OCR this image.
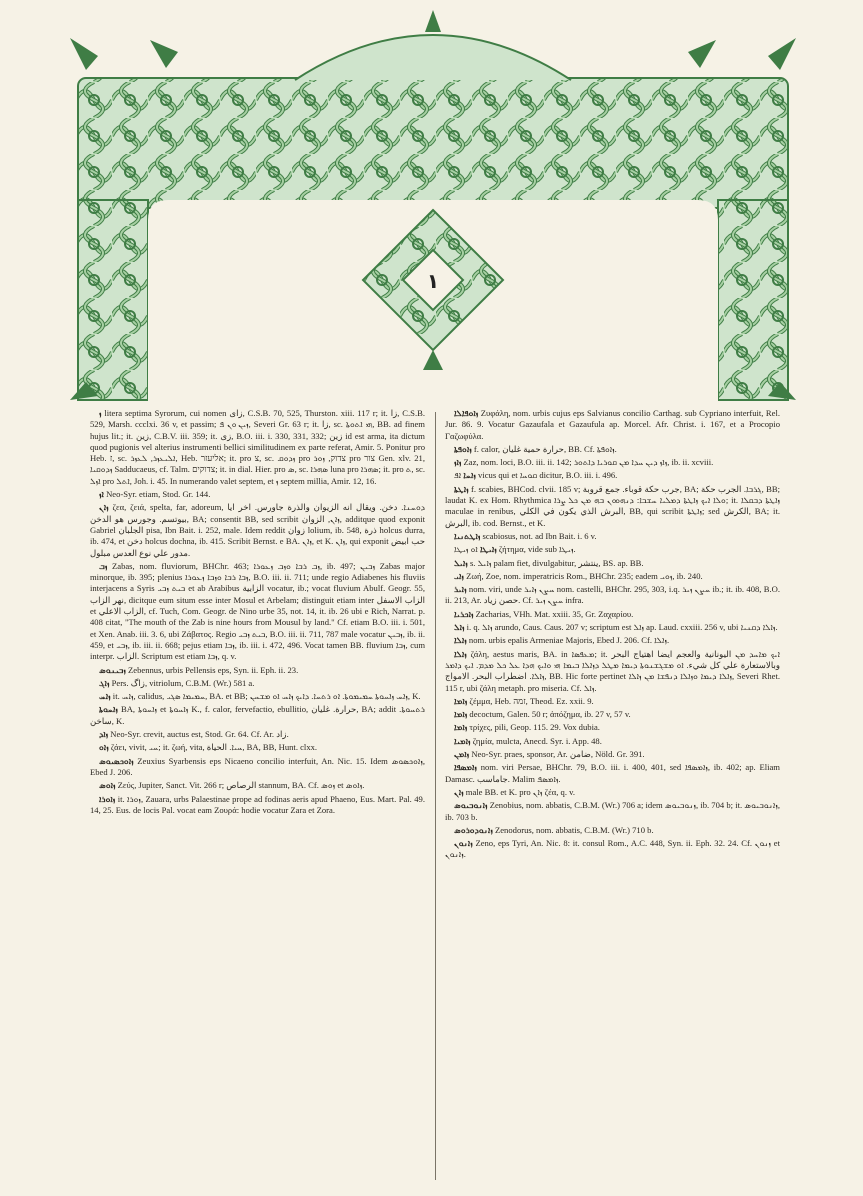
١

ܙ litera septima Syrorum, cui nomen زاى, C.S.B. 70, 525, Thurston. xiii. 117 r; it. زا, C.S.B. 529, Marsh. ccclxi. 36 v, et passim; ܙܝܢ ܘܢ ܦ, Severi Gr. 63 r; it. زا, sc. ܗܝ ܐܬܘܬܐ, BB. ad finem hujus lit.; it. زين, C.B.V. iii. 359; it. زى, B.O. iii. i. 330, 331, 332; زين id est arma, ita dictum quod pugionis vel alterius instrumenti bellici similitudinem ex parte referat, Amir. 5. Ponitur pro Heb. ז, sc. ܐܠܝܥܙܪ, ܠܥܙܪ, Heb. אליעזר; it. pro צ, sc. ܙܕܘܩ pro צדוק, ܙܘܪ pro צור Gen. xlv. 21, ܙܕܘܩܝܐ Sadducaeus, cf. Talm. צדוקים; it. in dial. Hier. pro ܣ, sc. ܣܗܪܐ luna pro ܣܗܪܐ; it. pro ܬ, sc. ܐܙܠ pro ܐܬܠ, Joh. i. 45. In numerando valet septem, et ܙ septem millia, Amir. 12, 16.

ܐܙ Neo-Syr. etiam, Stod. Gr. 144.

ܙܐܢ ζεα, ζειά, spelta, far, adoreum, ܕܘܚܢܐ. دخن. ويقال انه الزيوان والذرة جاورس. اخر ايا بيوتسم. وجورس هو الدخن, BA; consentit BB, sed scribit ܙܐܢ, الزوان, additque quod exponit Gabriel الجلبان pisa, Ibn Bait. i. 252, male. Idem reddit زوان lolium, ib. 548, ذرة holcus durra, ib. 474, et دخن holcus dochna, ib. 415. Scribit Bernst. e BA. ܙܐܢ, et K. ܙܐܢ, qui exponit حب ابيض مدور علي نوع العدس مبلول.

ܙܒ Zabas, nom. fluviorum, BHChr. 463; ܙܒ ܪܒܐ ܘܙܒ ܙܥܘܪܐ, ib. 497; ܙܒܝܢ Zabas major minorque, ib. 395; plenius ܙܒܐ ܪܒܐ ܘܙܒܐ ܙܥܘܪܐ, B.O. iii. ii. 711; unde regio Adiabenes his fluviis interjacens a Syris ܒܝܬ ܙܒܝ et ab Arabibus الزابية vocatur, ib.; vocat fluvium Abulf. Geogr. 55, نهر الزاب, dicitque eum situm esse inter Mosul et Arbelam; distinguit etiam inter الزاب الاسفل et الزاب الاعلي, cf. Tuch, Com. Geogr. de Nino urbe 35, not. 14, it. ib. 26 ubi e Rich, Narrat. p. 408 citat, "The mouth of the Zab is nine hours from Mousul by land." Cf. etiam B.O. iii. i. 501, et Xen. Anab. iii. 3. 6, ubi Ζάβατος. Regio ܒܝܬ ܙܒܝ, B.O. iii. ii. 711, 787 male vocatur ܙܒܝܢ, ib. ii. 459, et ܙܒܝ, ib. iii. ii. 668; pejus etiam ܙܒܐ, ib. iii. i. 472, 496. Vocat tamen BB. fluvium ܙܒܐ, cum interpr. الزاب. Scriptum est etiam ܙܒܐ, q. v.

ܙܒܝܢܘܣ Zebennus, urbis Pellensis eps, Syn. ii. Eph. ii. 23.

ܙܐܓ Pers. زاگ, vitriolum, C.B.M. (Wr.) 581 a.

ܙܐܚ it. ܙܐܚ, calidus, ܚܡܝܡܐ ܣܓܝ, BA. et BB; ܙܐܚ ܙܐܚܘܬܐ ܚܡܝܡܘܬܐ. ܐܘ ܪܬܚܐ. ܕܐܝܟ ܙܐܚ ܐܘ ܡܫܚܢ, K.

ܙܐܚܘܬܐ BA, ܙܐܚܘܬܐ et ܙܐܚܘܬܐ K., f. calor, fervefactio, ebullitio, حرارة. غليان, BA; addit ܪܬܚܘܬܐ. ساخن, K.

ܙܐܕ Neo-Syr. crevit, auctus est, Stod. Gr. 64. Cf. Ar. زاد.

ܙܐܘ ζάει, vivit, ܚܝ; it. ζωή, vita, ܚܝܐ. الحياة, BA, BB, Hunt. clxx.

ܙܐܘܟܣܝܘܣ Zeuxius Syarbensis eps Nicaeno concilio interfuit, An. Nic. 15. Idem ܙܐܘܟܣܘܣ, Ebed J. 206.

ܙܐܘܣ Ζεύς, Jupiter, Sanct. Vit. 266 r; الرصاص stannum, BA. Cf. ܙܘܣ et ܙܐܘܣ.

ܙܐܘܪܐ it. ܙܘܪܐ, Zauara, urbs Palaestinae prope ad fodinas aeris apud Phaeno, Eus. Mart. Pal. 49. 14, 25. Eus. de locis Pal. vocat eam Ζουρά: hodie vocatur Zara et Zora.

ܙܐܘܦܐܠܐ Ζυφάλη, nom. urbis cujus eps Salvianus concilio Carthag. sub Cypriano interfuit, Rel. Jur. 86. 9. Vocatur Gazaufala et Gazaufula ap. Morcel. Afr. Christ. i. 167, et a Procopio Γαζωφύλα.

ܙܐܘܦܬܐ f. calor, حرارة حمية غليان, BB. Cf. ܙܐܘܦܬܐ.

ܙܐܙ Zaz, nom. loci, B.O. iii. ii. 142; ܙܐܙ ܕܝܢ ܚܕܐ ܡܢ ܩܘܪܝܐ ܕܐܬܘܪ, ib. ii. xcviii.

ܙܐܚܐ ܐܦ vicus qui et ܩܘܚܐ dicitur, B.O. iii. i. 496.

ܙܐܛܬܐ f. scabies, BHCod. clvii. 185 v; جرب حكة قوباء. جمع قروبة, BA; ܓܪܒܐ. الجرب حكة, BB; laudat K. ex Hom. Rhythmica ܘܠܐ ܐܝܟ ܙܐܛܬܐ ܕܡܠܝܐ ܚܫܒܐ: ܕܢܗܘܘܢ ܒܗ ܡܢ ܟܠ ܨܪܐ; it. ܙܐܛܬܐ ܕܒܩܠܐ maculae in renibus, البرش الذي يكون في الكلي, BB, qui scribit ܙܐܛܬܐ; sed الكرش, BA; it. البرش, ib. cod. Bernst., et K.

ܙܐܛܬܢܝܐ scabiosus, not. ad Ibn Bait. i. 6 v.

ܙܐܝܛܐ ܐܘ ܙܝܛܐ ζήτημα, vide sub ܙܝܛܐ.

ܙܐܝܠ s. ܙܐܝܠ palam fiet, divulgabitur, ينتشر, BS. ap. BB.

ܙܐܝ Ζωή, Zoe, nom. imperatricis Rom., BHChr. 235; eadem ܙܘܝ, ib. 240.

ܙܐܝܪ nom. viri, unde ܚܨܢ ܙܐܝܪ nom. castelli, BHChr. 295, 303, i.q. ܚܨܢ ܙܝܪ ib.; it. ib. 408, B.O. ii. 213, Ar. حصن زياد. Cf. ܚܨܢ ܙܝܪ infra.

ܙܐܟܪܝܐ Zacharias, VHh. Mat. xxiii. 35, Gr. Ζαχαρίου.

ܙܐܠ i. q. ܙܐܠ arundo, Caus. Caus. 207 v; scriptum est ܙܐܠ ap. Laud. cxxiii. 256 v, ubi ܙܐܠܐ ܕܩܢܝܐ.

ܙܐܠܐ nom. urbis epalis Armeniae Majoris, Ebed J. 206. Cf. ܙܐܠܐ.

ܙܐܠܐ ζάλη, aestus maris, BA. in ܡܥܦܣܐ; it. ܐܝܟ ܡܐܚܕ ܡܢ اليونانية والعجم ايضا اهتياج البحر وبالاستعارة علي كل شيء. ܐܘ ܡܫܓܫܢܘܬܐ ܕܝܡܐ ܡܛܠ ܕܙܐܠܐ ܒܝܡܐ ܗܝ ܘܐܝܟ ܗܕܐ ܥܠ ܟܠ ܡܕܡ. ܐܝܟ ܕܐܡܪ ܙܐܠܐ. اضطراب البحر. الامواج, BB. Hic forte pertinet ܙܐܠܐ ܕܝܡܐ ܘܙܐܠܐ ܕܢܦܫܐ ܡܢ ܙܐܠܐ, Severi Rhet. 115 r, ubi ζάλη metaph. pro miseria. Cf. ܙܐܠ.

ܙܐܡܐ ζέμμα, Heb. זמה, Theod. Ez. xxii. 9.

ܙܐܡܐ decoctum, Galen. 50 r; ἀπόζημα, ib. 27 v, 57 v.

ܙܐܡܐ τρίχες, pili, Geop. 115. 29. Vox dubia.

ܙܐܡܝܐ ζημία, mulcta, Anecd. Syr. i. App. 48.

ܙܐܡܢ Neo-Syr. praes, sponsor, Ar. ضامن, Nöld. Gr. 391.

ܙܐܡܣܦܐ nom. viri Persae, BHChr. 79, B.O. iii. i. 400, 401, sed ܙܐܡܣܦܐ, ib. 402; ap. Eliam Damasc. جاماسب. Malim ܙܐܡܣܦ.

ܙܐܢ male BB. et K. pro ܙܐܢ ζέα, q. v.

ܙܐܢܘܒܝܘܣ Zenobius, nom. abbatis, C.B.M. (Wr.) 706 a; idem ܙܢܘܒܝܘܣ, ib. 704 b; it. ܙܐܢܘܒܝܘܣ, ib. 703 b.

ܙܐܢܘܕܘܪܘܣ Zenodorus, nom. abbatis, C.B.M. (Wr.) 710 b.

ܙܐܢܘܢ Zeno, eps Tyri, An. Nic. 8: it. consul Rom., A.C. 448, Syn. ii. Eph. 32. 24. Cf. ܙܢܘܢ et ܙܐܢܘܢ.
